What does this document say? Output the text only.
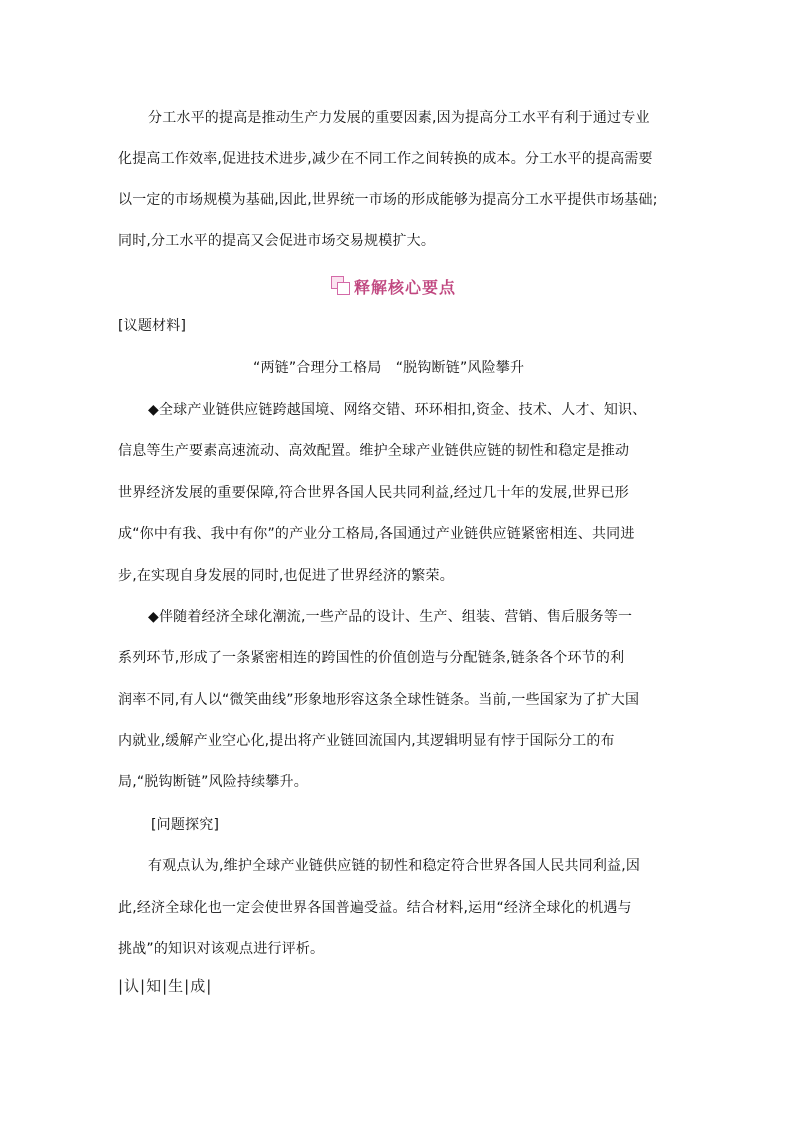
分工水平的提高是推动生产力发展的重要因素,因为提高分工水平有利于通过专业
化提高工作效率,促进技术进步,减少在不同工作之间转换的成本。分工水平的提高需要
以一定的市场规模为基础,因此,世界统一市场的形成能够为提高分工水平提供市场基础;
同时,分工水平的提高又会促进市场交易规模扩大。
释解核心要点
[议题材料]
“两链”合理分工格局　“脱钩断链”风险攀升
◆全球产业链供应链跨越国境、网络交错、环环相扣,资金、技术、人才、知识、
信息等生产要素高速流动、高效配置。维护全球产业链供应链的韧性和稳定是推动
世界经济发展的重要保障,符合世界各国人民共同利益,经过几十年的发展,世界已形
成“你中有我、我中有你”的产业分工格局,各国通过产业链供应链紧密相连、共同进
步,在实现自身发展的同时,也促进了世界经济的繁荣。
◆伴随着经济全球化潮流,一些产品的设计、生产、组装、营销、售后服务等一
系列环节,形成了一条紧密相连的跨国性的价值创造与分配链条,链条各个环节的利
润率不同,有人以“微笑曲线”形象地形容这条全球性链条。当前,一些国家为了扩大国
内就业,缓解产业空心化,提出将产业链回流国内,其逻辑明显有悖于国际分工的布
局,“脱钩断链”风险持续攀升。
[问题探究]
有观点认为,维护全球产业链供应链的韧性和稳定符合世界各国人民共同利益,因
此,经济全球化也一定会使世界各国普遍受益。结合材料,运用“经济全球化的机遇与
挑战”的知识对该观点进行评析。
|认|知|生|成|
